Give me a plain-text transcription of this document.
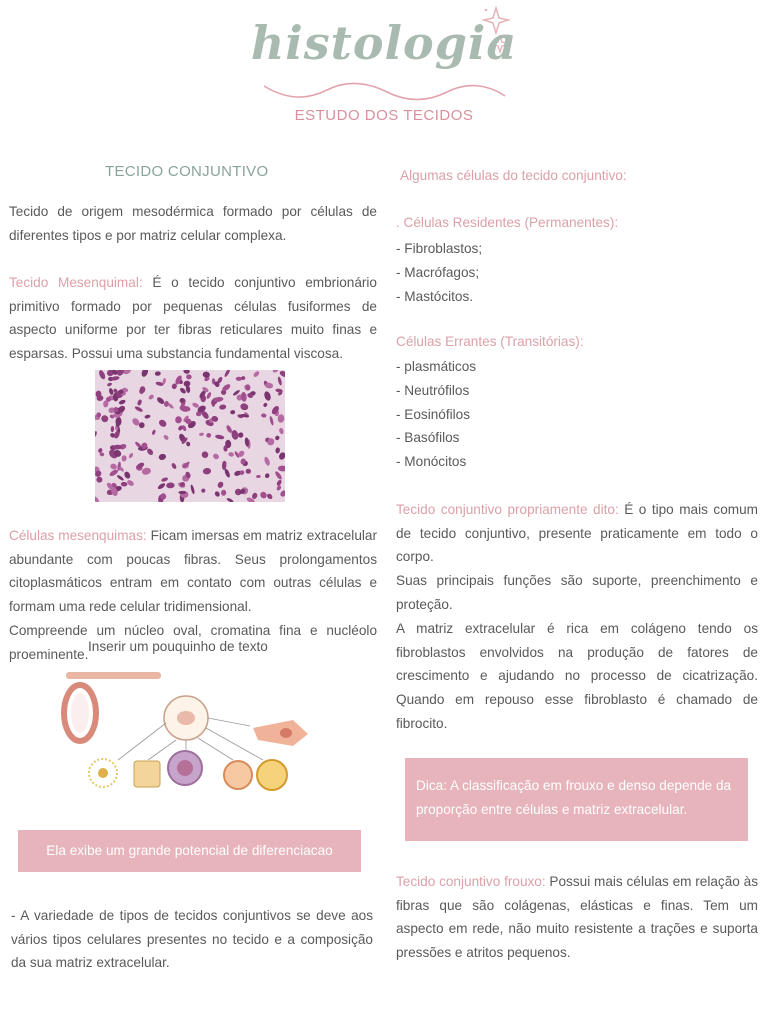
histologia
ESTUDO DOS TECIDOS
TECIDO CONJUNTIVO
Tecido de origem mesodérmica formado por células de diferentes tipos e por matriz celular complexa.
Tecido Mesenquimal: É o tecido conjuntivo embrionário primitivo formado por pequenas células fusiformes de aspecto uniforme por ter fibras reticulares muito finas e esparsas. Possui uma substancia fundamental viscosa.
Células mesenquimas: Ficam imersas em matriz extracelular abundante com poucas fibras. Seus prolongamentos citoplasmáticos entram em contato com outras células e formam uma rede celular tridimensional.
Compreende um núcleo oval, cromatina fina e nucléolo proeminente.
Inserir um pouquinho de texto
Ela exibe um grande potencial de diferenciacao
- A variedade de tipos de tecidos conjuntivos se deve aos vários tipos celulares presentes no tecido e a composição da sua matriz extracelular.
Algumas células do tecido conjuntivo:
. Células Residentes (Permanentes):
- Fibroblastos;
- Macrófagos;
- Mastócitos.
Células Errantes (Transitórias):
- plasmáticos
- Neutrófilos
- Eosinófilos
- Basófilos
- Monócitos
Tecido conjuntivo propriamente dito: É o tipo mais comum de tecido conjuntivo, presente praticamente em todo o corpo.
Suas principais funções são suporte, preenchimento e proteção.
A matriz extracelular é rica em colágeno tendo os fibroblastos envolvidos na produção de fatores de crescimento e ajudando no processo de cicatrização. Quando em repouso esse fibroblasto é chamado de fibrocito.
Dica: A classificação em frouxo e denso depende da proporção entre células e matriz extracelular.
Tecido conjuntivo frouxo: Possui mais células em relação às fibras que são colágenas, elásticas e finas. Tem um aspecto em rede, não muito resistente a trações e suporta pressões e atritos pequenos.
